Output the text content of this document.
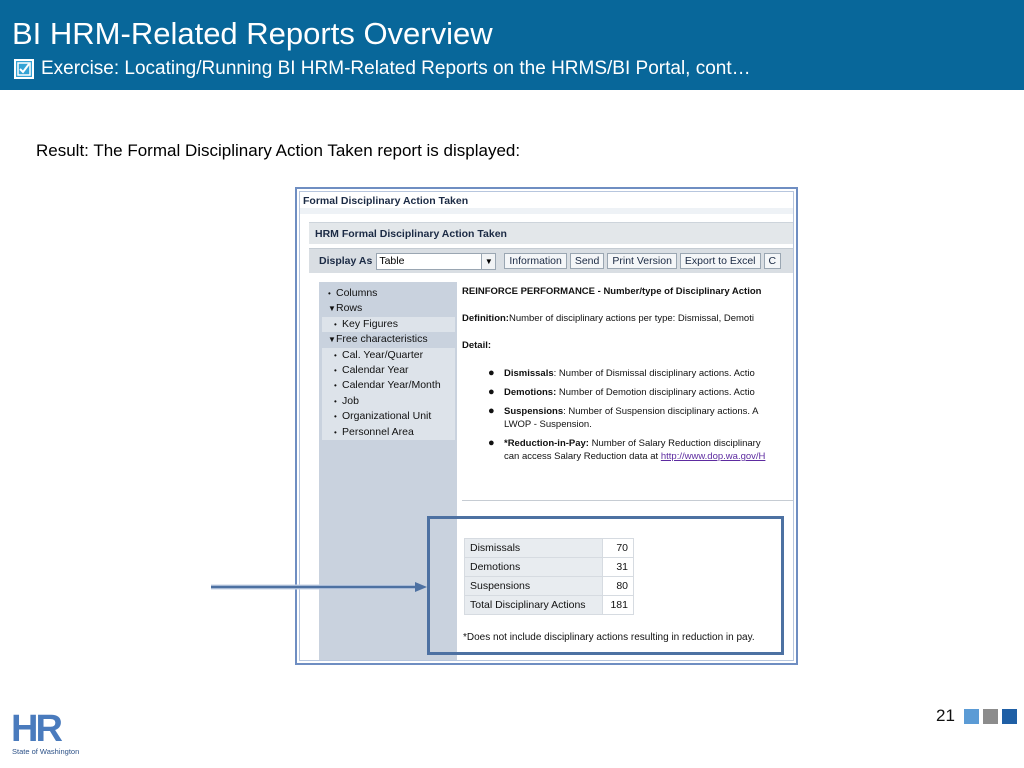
BI HRM-Related Reports Overview
Exercise: Locating/Running BI HRM-Related Reports on the HRMS/BI Portal, cont…
Result: The Formal Disciplinary Action Taken report is displayed:
Formal Disciplinary Action Taken
HRM Formal Disciplinary Action Taken
Display As Table	▼	Information	Send	Print Version	Export to Excel	C
• Columns
▼Rows
• Key Figures
▼Free characteristics
• Cal. Year/Quarter
• Calendar Year
• Calendar Year/Month
• Job
• Organizational Unit
• Personnel Area
REINFORCE PERFORMANCE - Number/type of Disciplinary Action
Definition:Number of disciplinary actions per type: Dismissal, Demoti
Detail:
● Dismissals: Number of Dismissal disciplinary actions. Actio
● Demotions: Number of Demotion disciplinary actions. Actio
● Suspensions: Number of Suspension disciplinary actions. A
LWOP - Suspension.
● *Reduction-in-Pay: Number of Salary Reduction disciplinary
can access Salary Reduction data at http://www.dop.wa.gov/H
Dismissals	70
Demotions	31
Suspensions	80
Total Disciplinary Actions	181
*Does not include disciplinary actions resulting in reduction in pay.
HR
State of Washington
21
